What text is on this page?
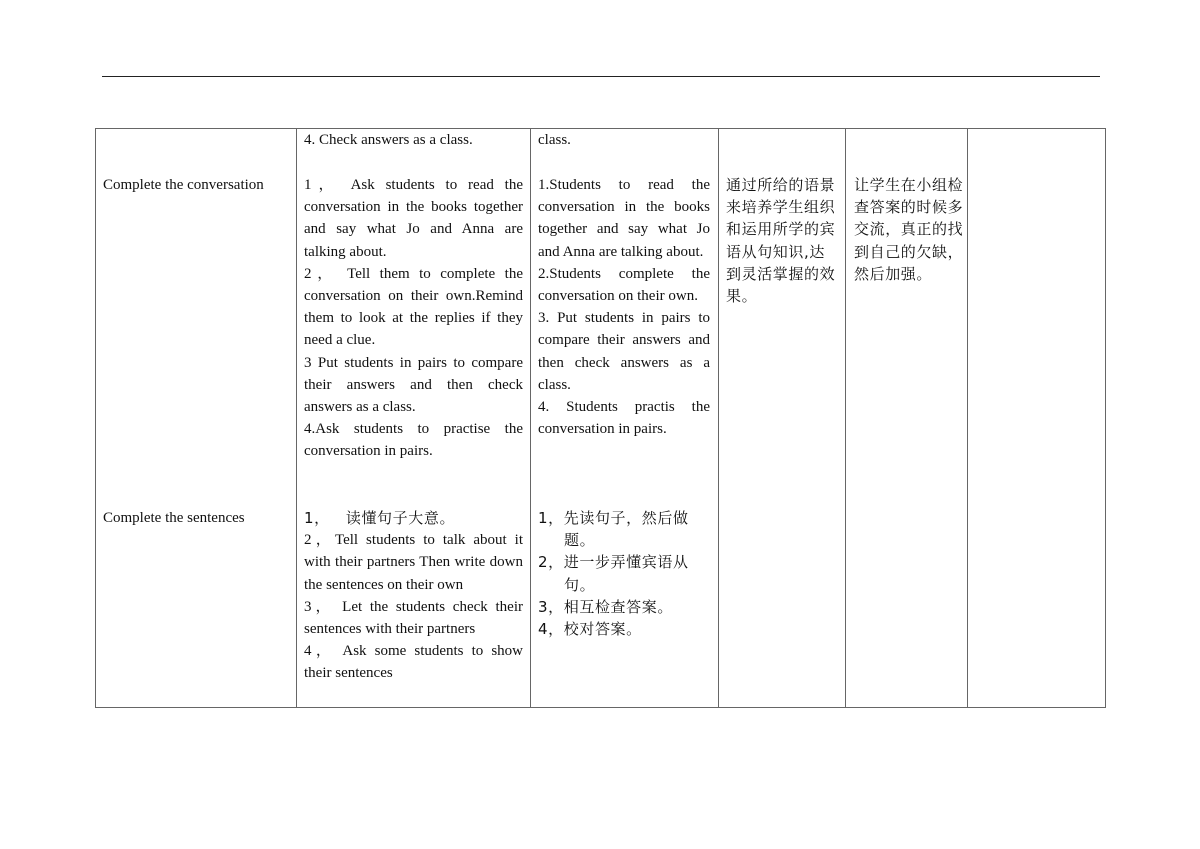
Complete the conversation
Complete the sentences
4. Check answers as a class.

1， Ask students to read the conversation in the books together and say what Jo and Anna are talking about.

2， Tell them to complete the conversation on their own.Remind them to look at the replies if they need a clue.

3 Put students in pairs to compare their answers and then check answers as a class.

4.Ask students to practise the conversation in pairs.

1，   读懂句子大意。

2，Tell students to talk about it with their partners Then write down the sentences on their own

3， Let the students check their sentences with their partners

4， Ask some students to show their sentences

class.

1.Students to read the conversation in the books together and say what Jo and Anna are talking about.

2.Students complete the conversation on their own.

3. Put students in pairs to compare their answers and then check answers as a class.

4. Students practis the conversation in pairs.

1，先读句子，然后做题。

2，进一步弄懂宾语从句。

3，相互检查答案。

4，校对答案。

通过所给的语景来培养学生组织和运用所学的宾语从句知识,达到灵活掌握的效果。
让学生在小组检查答案的时候多交流，真正的找到自己的欠缺，然后加强。
